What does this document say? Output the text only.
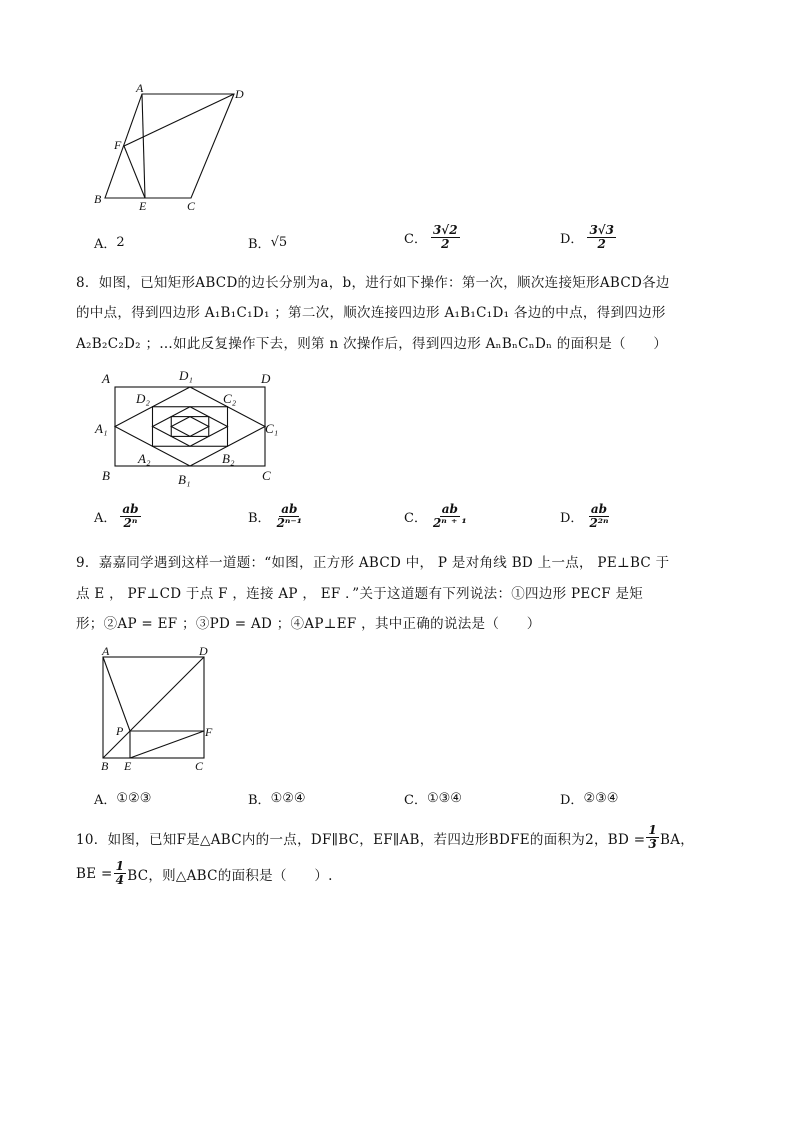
A	D
F
B	E	C
A． 2	B． √5	C． $\frac{3√2}{2}$	D． $\frac{3√3}{2}$
8．如图，已知矩形ABCD的边长分别为a，b，进行如下操作：第一次，顺次连接矩形ABCD各边
的中点，得到四边形 A₁B₁C₁D₁ ；第二次，顺次连接四边形 A₁B₁C₁D₁ 各边的中点，得到四边形
A₂B₂C₂D₂ ；…如此反复操作下去，则第 n 次操作后，得到四边形 AₙBₙCₙDₙ 的面积是（　　）
A	D₁	D
D₂	C₂
A₁	C₁
A₂	B₂
B	B₁	C
A． $\frac{ab}{\text{2ⁿ}}$	B． $\frac{ab}{\text{2ⁿ⁻¹}}$	C． $\frac{ab}{\text{2ⁿ ⁺ ¹}}$	D． $\frac{ab}{\text{2²ⁿ}}$
9．嘉嘉同学遇到这样一道题：“如图，正方形 ABCD 中， P 是对角线 BD 上一点， PE⊥BC 于
点 E ， PF⊥CD 于点 F ，连接 AP ， EF ．”关于这道题有下列说法：①四边形 PECF 是矩
形；②AP = EF ；③PD = AD ；④AP⊥EF ，其中正确的说法是（　　）
A	D
P	F
B E	C
A． ①②③	B． ①②④	C． ①③④	D． ②③④
10．如图，已知F是△ABC内的一点，DF∥BC，EF∥AB，若四边形BDFE的面积为2，BD = $\frac{1}{3}$ BA，
BE = $\frac{1}{4}$ BC，则△ABC的面积是（　　）.
